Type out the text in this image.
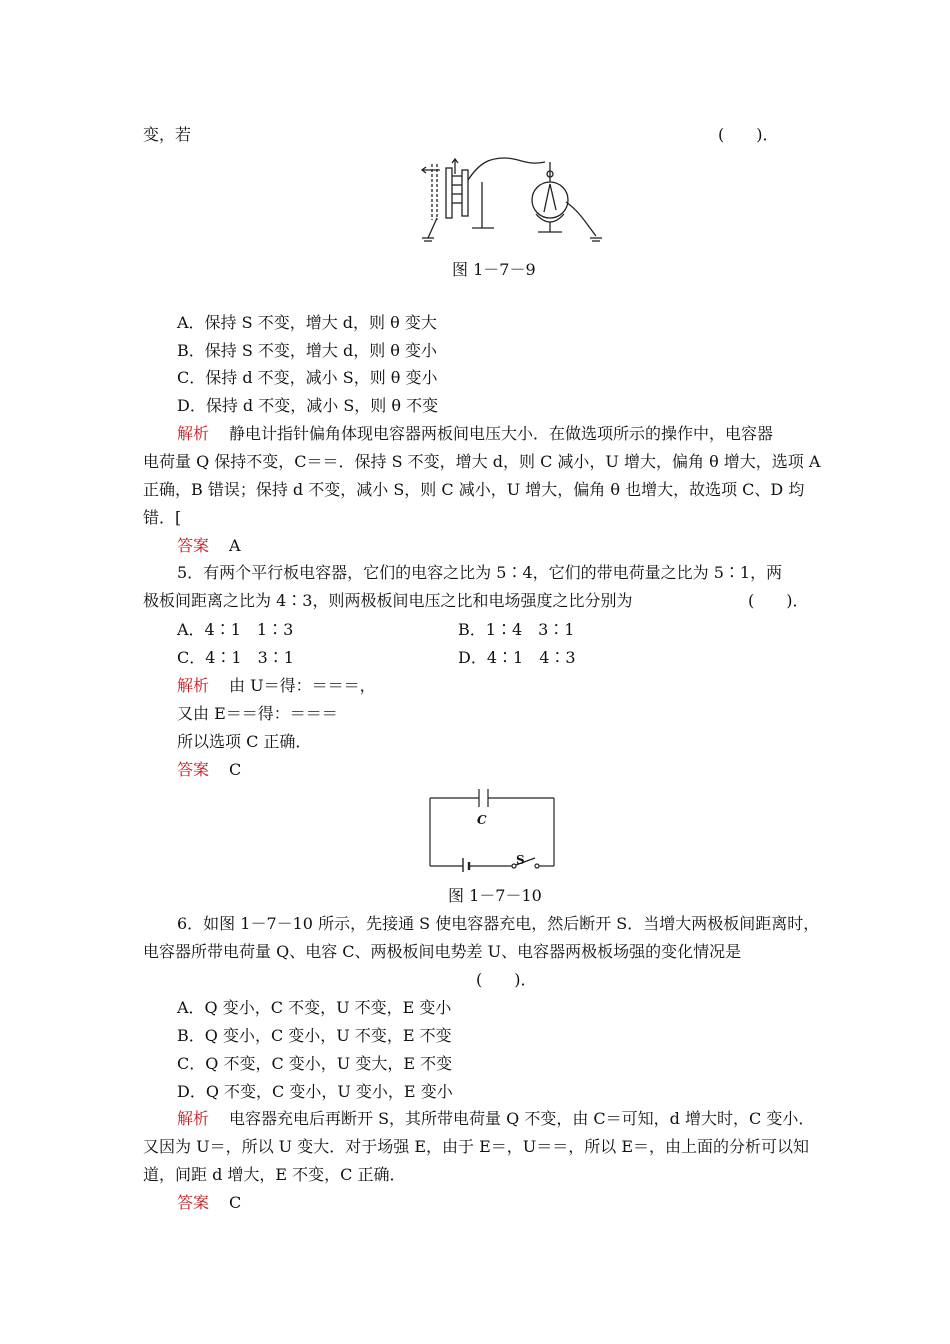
变，若	(　　)．
图 1－7－9
A．保持 S 不变，增大 d，则 θ 变大
B．保持 S 不变，增大 d，则 θ 变小
C．保持 d 不变，减小 S，则 θ 变小
D．保持 d 不变，减小 S，则 θ 不变
解析 静电计指针偏角体现电容器两板间电压大小．在做选项所示的操作中，电容器
电荷量 Q 保持不变，C＝＝．保持 S 不变，增大 d，则 C 减小，U 增大，偏角 θ 增大，选项 A
正确，B 错误；保持 d 不变，减小 S，则 C 减小，U 增大，偏角 θ 也增大，故选项 C、D 均
错．[
答案 A
5．有两个平行板电容器，它们的电容之比为 5∶4，它们的带电荷量之比为 5∶1，两
极板间距离之比为 4∶3，则两极板间电压之比和电场强度之比分别为	(　　)．
A．4∶1　1∶3	B．1∶4　3∶1
C．4∶1　3∶1	D．4∶1　4∶3
解析 由 U＝得：＝＝＝，
又由 E＝＝得：＝＝＝
所以选项 C 正确．
答案 C
C
S
图 1－7－10
6．如图 1－7－10 所示，先接通 S 使电容器充电，然后断开 S．当增大两极板间距离时，
电容器所带电荷量 Q、电容 C、两极板间电势差 U、电容器两极板场强的变化情况是
(　　)．
A．Q 变小，C 不变，U 不变，E 变小
B．Q 变小，C 变小，U 不变，E 不变
C．Q 不变，C 变小，U 变大，E 不变
D．Q 不变，C 变小，U 变小，E 变小
解析 电容器充电后再断开 S，其所带电荷量 Q 不变，由 C＝可知，d 增大时，C 变小．
又因为 U＝，所以 U 变大．对于场强 E，由于 E＝，U＝＝，所以 E＝，由上面的分析可以知
道，间距 d 增大，E 不变，C 正确．
答案 C
